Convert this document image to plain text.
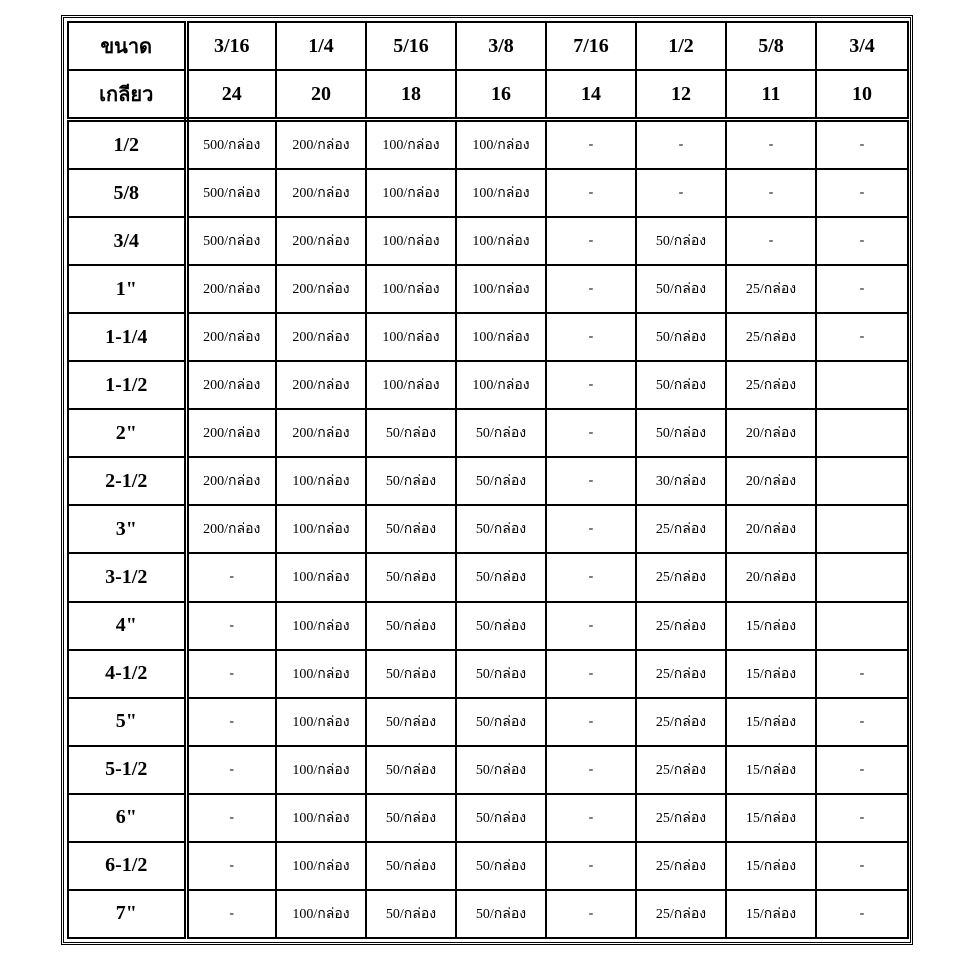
ขนาด	3/16	1/4	5/16	3/8	7/16	1/2	5/8	3/4
เกลียว	24	20	18	16	14	12	11	10
1/2	500/กล่อง	200/กล่อง	100/กล่อง	100/กล่อง	-	-	-	-
5/8	500/กล่อง	200/กล่อง	100/กล่อง	100/กล่อง	-	-	-	-
3/4	500/กล่อง	200/กล่อง	100/กล่อง	100/กล่อง	-	50/กล่อง	-	-
1"	200/กล่อง	200/กล่อง	100/กล่อง	100/กล่อง	-	50/กล่อง	25/กล่อง	-
1-1/4	200/กล่อง	200/กล่อง	100/กล่อง	100/กล่อง	-	50/กล่อง	25/กล่อง	-
1-1/2	200/กล่อง	200/กล่อง	100/กล่อง	100/กล่อง	-	50/กล่อง	25/กล่อง	
2"	200/กล่อง	200/กล่อง	50/กล่อง	50/กล่อง	-	50/กล่อง	20/กล่อง	
2-1/2	200/กล่อง	100/กล่อง	50/กล่อง	50/กล่อง	-	30/กล่อง	20/กล่อง	
3"	200/กล่อง	100/กล่อง	50/กล่อง	50/กล่อง	-	25/กล่อง	20/กล่อง	
3-1/2	-	100/กล่อง	50/กล่อง	50/กล่อง	-	25/กล่อง	20/กล่อง	
4"	-	100/กล่อง	50/กล่อง	50/กล่อง	-	25/กล่อง	15/กล่อง	
4-1/2	-	100/กล่อง	50/กล่อง	50/กล่อง	-	25/กล่อง	15/กล่อง	-
5"	-	100/กล่อง	50/กล่อง	50/กล่อง	-	25/กล่อง	15/กล่อง	-
5-1/2	-	100/กล่อง	50/กล่อง	50/กล่อง	-	25/กล่อง	15/กล่อง	-
6"	-	100/กล่อง	50/กล่อง	50/กล่อง	-	25/กล่อง	15/กล่อง	-
6-1/2	-	100/กล่อง	50/กล่อง	50/กล่อง	-	25/กล่อง	15/กล่อง	-
7"	-	100/กล่อง	50/กล่อง	50/กล่อง	-	25/กล่อง	15/กล่อง	-
